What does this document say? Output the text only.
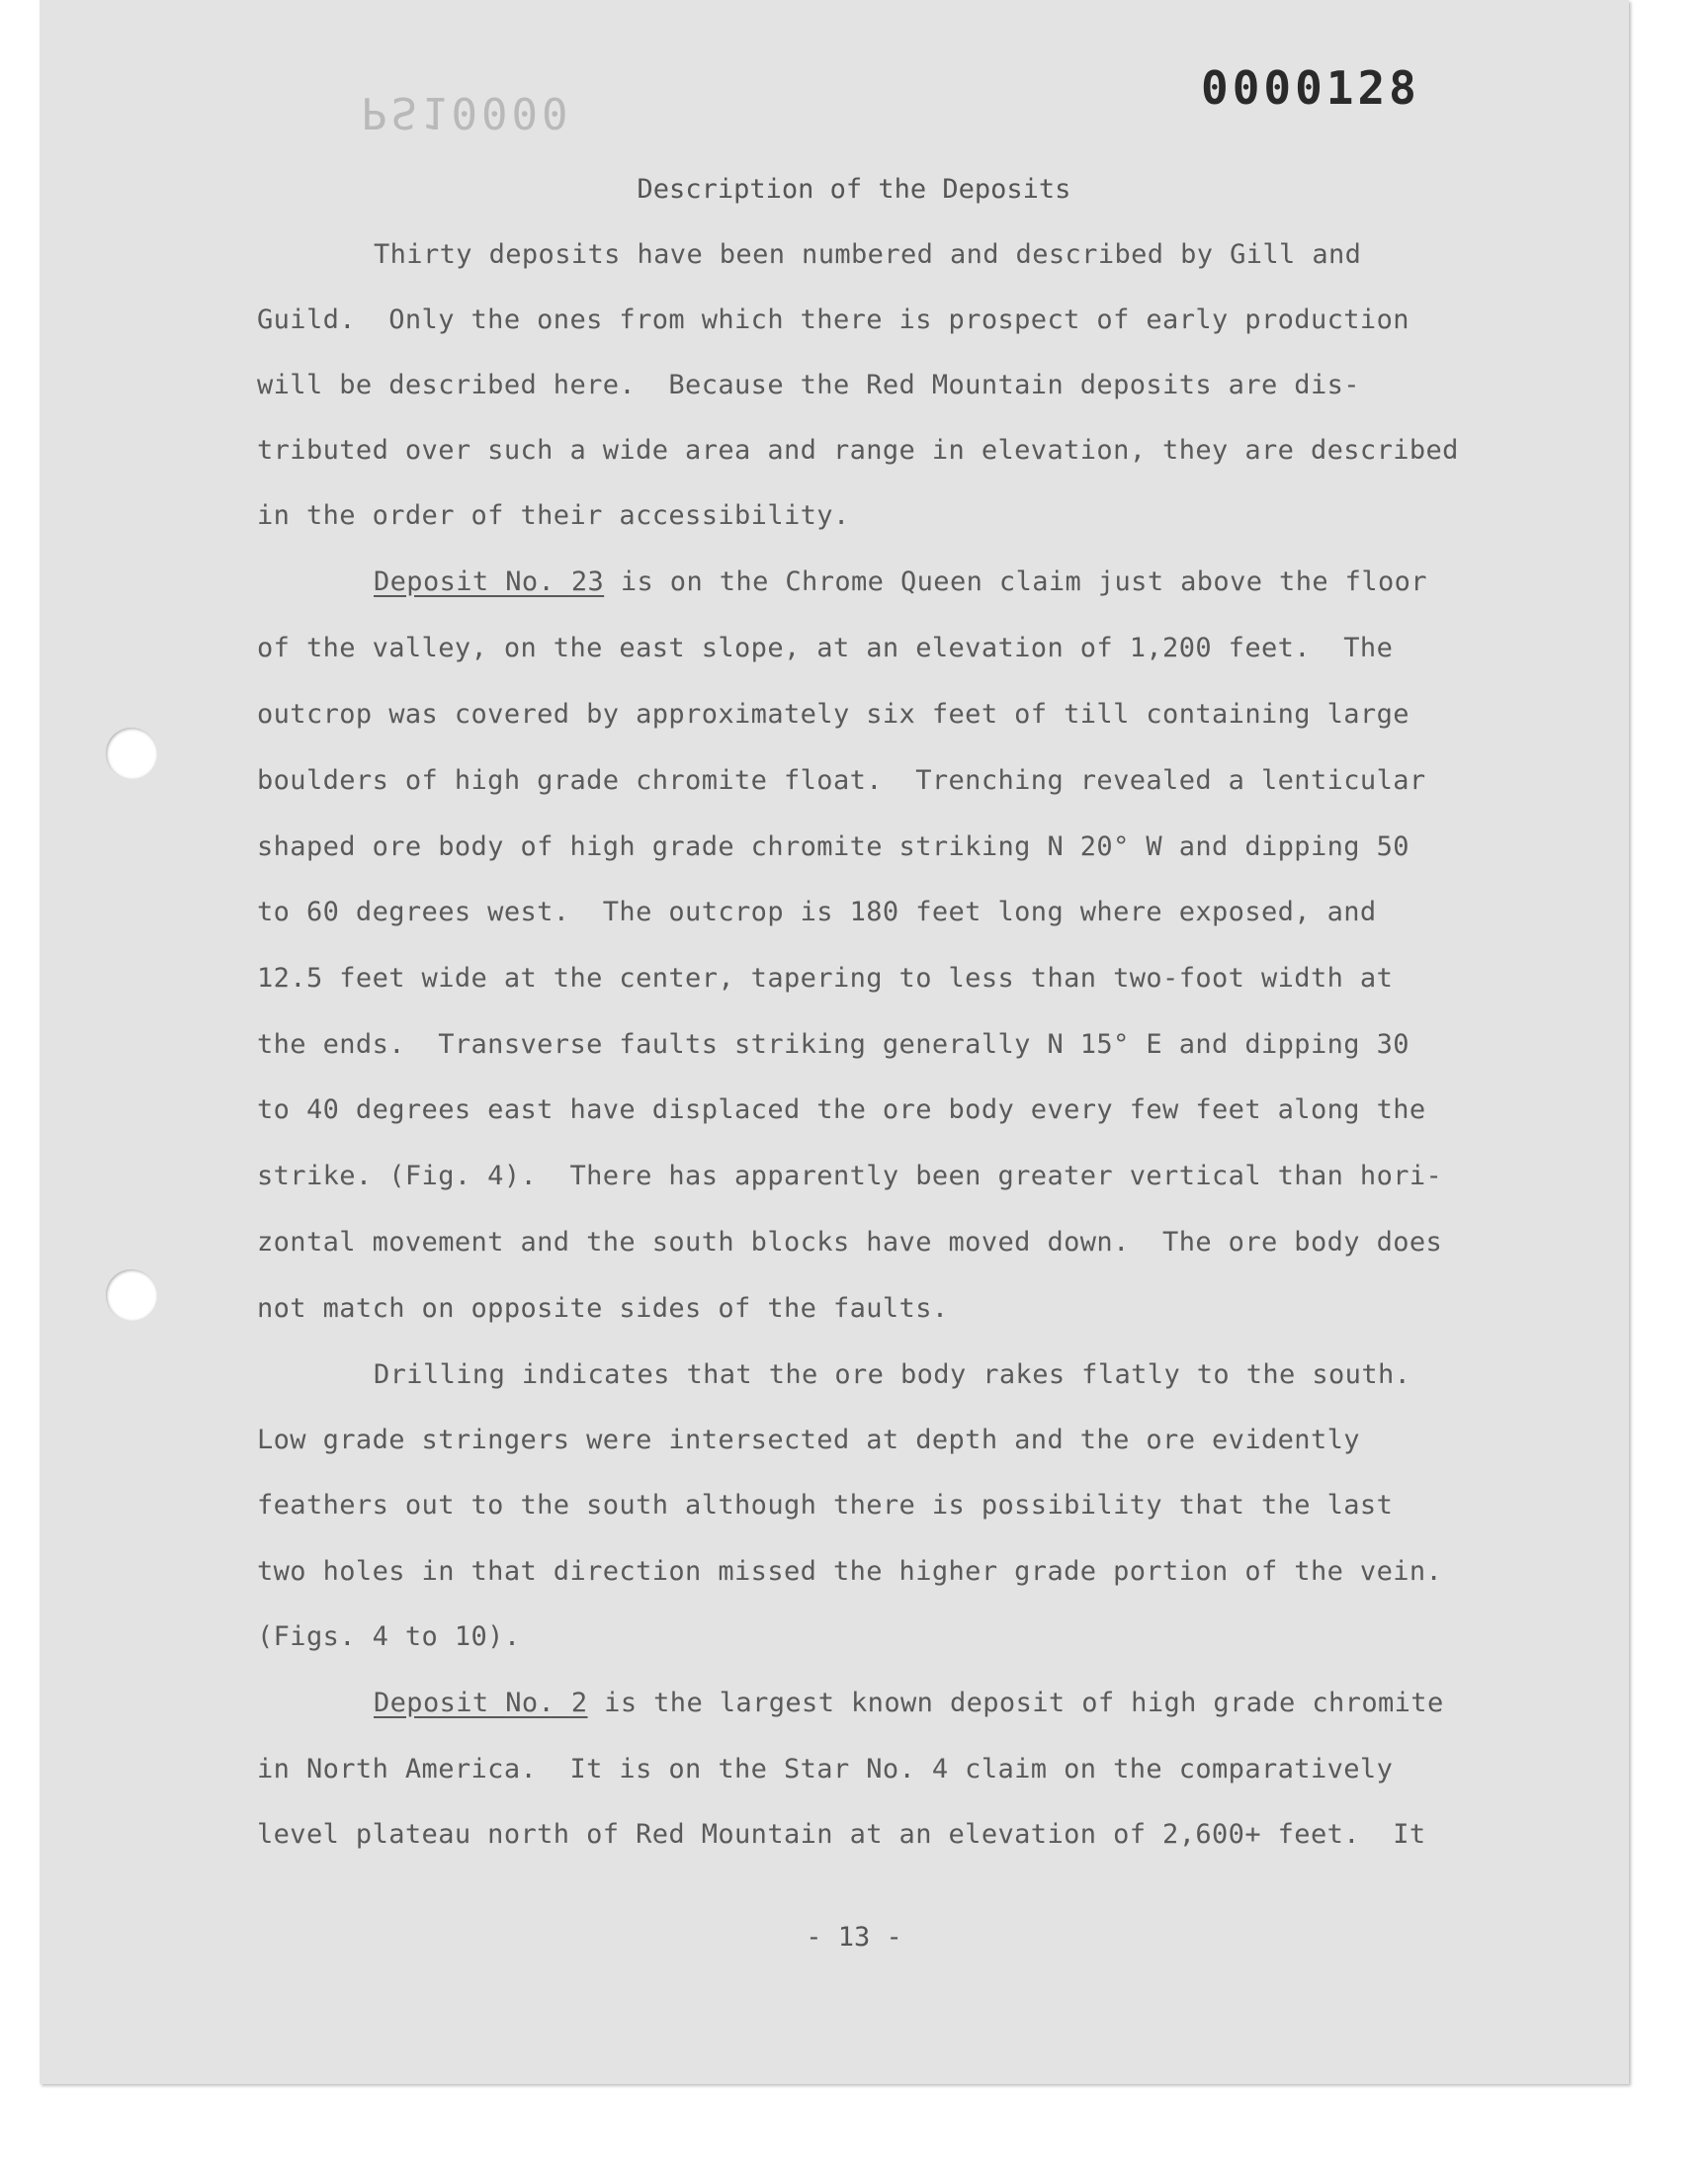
PS10000	0000128
Description of the Deposits
Thirty deposits have been numbered and described by Gill and
Guild.  Only the ones from which there is prospect of early production
will be described here.  Because the Red Mountain deposits are dis-
tributed over such a wide area and range in elevation, they are described
in the order of their accessibility.
Deposit No. 23 is on the Chrome Queen claim just above the floor
of the valley, on the east slope, at an elevation of 1,200 feet.  The
outcrop was covered by approximately six feet of till containing large
boulders of high grade chromite float.  Trenching revealed a lenticular
shaped ore body of high grade chromite striking N 20° W and dipping 50
to 60 degrees west.  The outcrop is 180 feet long where exposed, and
12.5 feet wide at the center, tapering to less than two-foot width at
the ends.  Transverse faults striking generally N 15° E and dipping 30
to 40 degrees east have displaced the ore body every few feet along the
strike. (Fig. 4).  There has apparently been greater vertical than hori-
zontal movement and the south blocks have moved down.  The ore body does
not match on opposite sides of the faults.
Drilling indicates that the ore body rakes flatly to the south.
Low grade stringers were intersected at depth and the ore evidently
feathers out to the south although there is possibility that the last
two holes in that direction missed the higher grade portion of the vein.
(Figs. 4 to 10).
Deposit No. 2 is the largest known deposit of high grade chromite
in North America.  It is on the Star No. 4 claim on the comparatively
level plateau north of Red Mountain at an elevation of 2,600+ feet.  It
- 13 -
